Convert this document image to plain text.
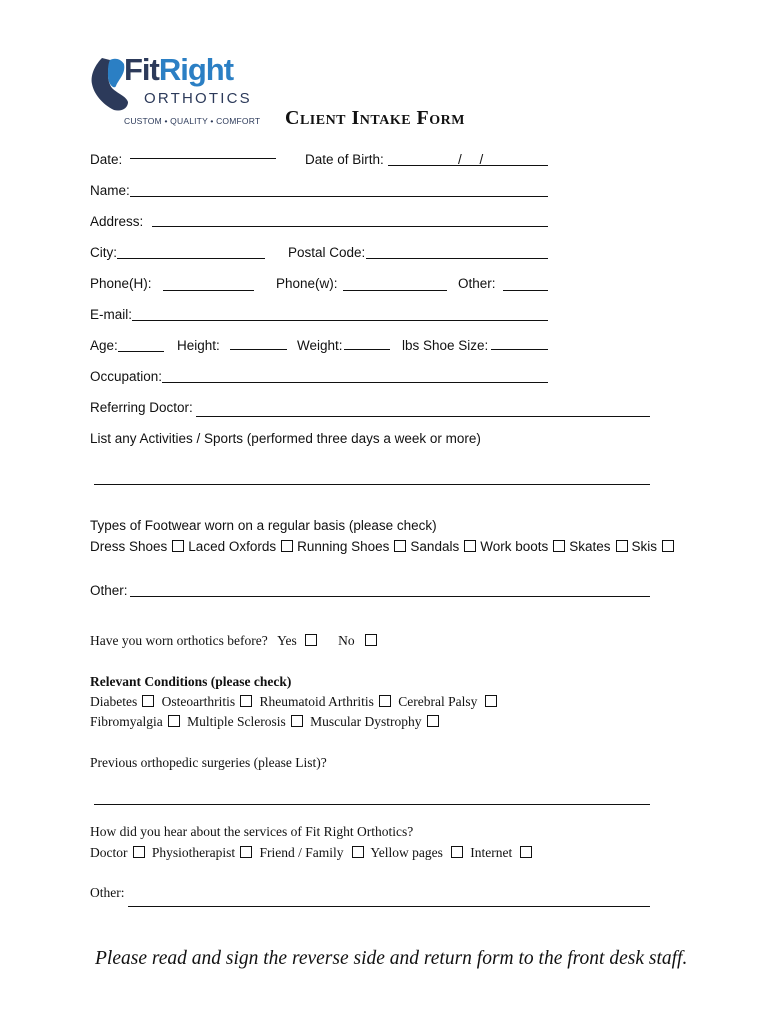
FitRight
ORTHOTICS
CUSTOM • QUALITY • COMFORT Client Intake Form
Date:	Date of Birth:	/ /
Name:
Address:
City:	Postal Code:
Phone(H):	Phone(w):	Other:
E-mail:
Age:	Height:	Weight:	lbs Shoe Size:
Occupation:
Referring Doctor:
List any Activities / Sports (performed three days a week or more)
Types of Footwear worn on a regular basis (please check)
Dress Shoes Laced Oxfords Running Shoes Sandals Work boots Skates Skis
Other:
Have you worn orthotics before? Yes	No
Relevant Conditions (please check)
Diabetes Osteoarthritis Rheumatoid Arthritis Cerebral Palsy
Fibromyalgia Multiple Sclerosis Muscular Dystrophy
Previous orthopedic surgeries (please List)?
How did you hear about the services of Fit Right Orthotics?
Doctor Physiotherapist Friend / Family Yellow pages Internet
Other:
Please read and sign the reverse side and return form to the front desk staff.
